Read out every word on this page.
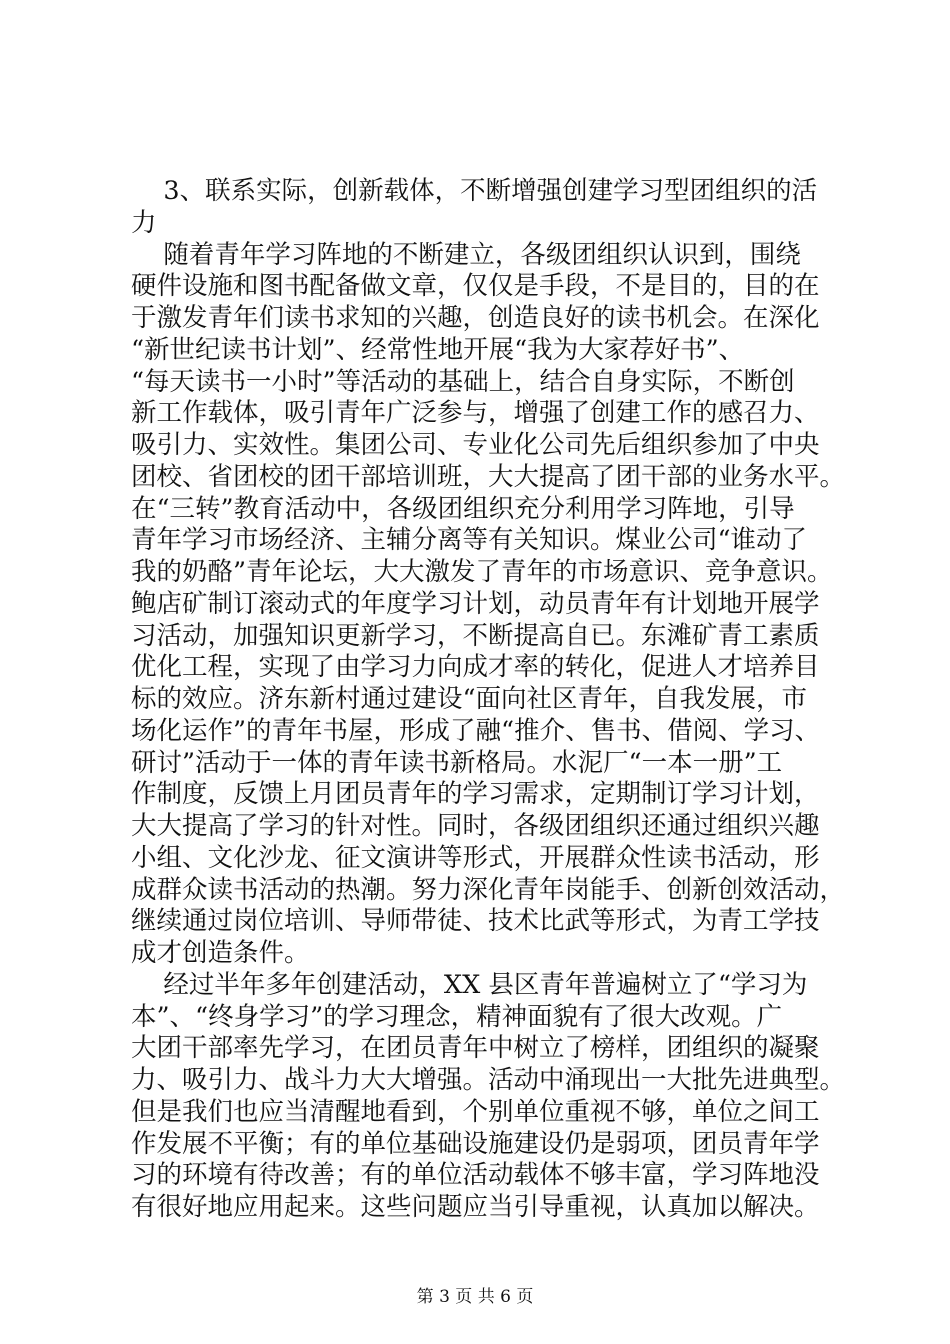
3、联系实际，创新载体，不断增强创建学习型团组织的活
力
随着青年学习阵地的不断建立，各级团组织认识到，围绕
硬件设施和图书配备做文章，仅仅是手段，不是目的，目的在
于激发青年们读书求知的兴趣，创造良好的读书机会。在深化
“新世纪读书计划”、经常性地开展“我为大家荐好书”、
“每天读书一小时”等活动的基础上，结合自身实际，不断创
新工作载体，吸引青年广泛参与，增强了创建工作的感召力、
吸引力、实效性。集团公司、专业化公司先后组织参加了中央
团校、省团校的团干部培训班，大大提高了团干部的业务水平。
在“三转”教育活动中，各级团组织充分利用学习阵地，引导
青年学习市场经济、主辅分离等有关知识。煤业公司“谁动了
我的奶酪”青年论坛，大大激发了青年的市场意识、竞争意识。
鲍店矿制订滚动式的年度学习计划，动员青年有计划地开展学
习活动，加强知识更新学习，不断提高自已。东滩矿青工素质
优化工程，实现了由学习力向成才率的转化，促进人才培养目
标的效应。济东新村通过建设“面向社区青年，自我发展，市
场化运作”的青年书屋，形成了融“推介、售书、借阅、学习、
研讨”活动于一体的青年读书新格局。水泥厂“一本一册”工
作制度，反馈上月团员青年的学习需求，定期制订学习计划，
大大提高了学习的针对性。同时，各级团组织还通过组织兴趣
小组、文化沙龙、征文演讲等形式，开展群众性读书活动，形
成群众读书活动的热潮。努力深化青年岗能手、创新创效活动，
继续通过岗位培训、导师带徒、技术比武等形式，为青工学技
成才创造条件。
经过半年多年创建活动，XX 县区青年普遍树立了“学习为
本”、“终身学习”的学习理念，精神面貌有了很大改观。广
大团干部率先学习，在团员青年中树立了榜样，团组织的凝聚
力、吸引力、战斗力大大增强。活动中涌现出一大批先进典型。
但是我们也应当清醒地看到，个别单位重视不够，单位之间工
作发展不平衡；有的单位基础设施建设仍是弱项，团员青年学
习的环境有待改善；有的单位活动载体不够丰富，学习阵地没
有很好地应用起来。这些问题应当引导重视，认真加以解决。
第 3 页 共 6 页
